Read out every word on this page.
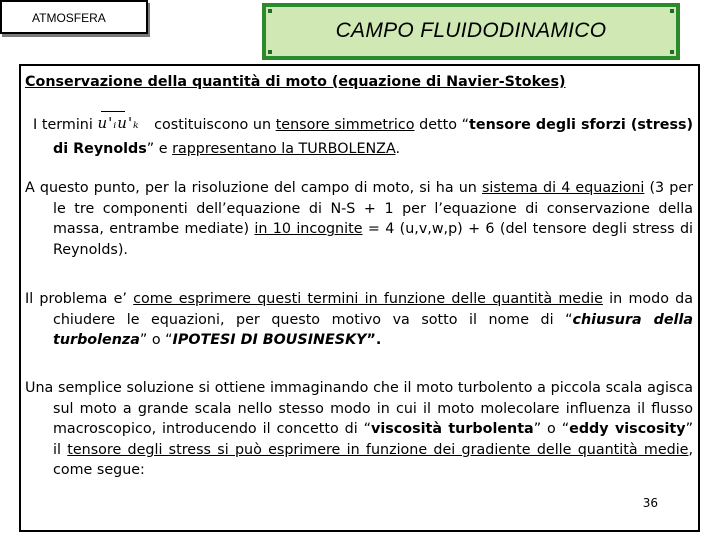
ATMOSFERA
CAMPO FLUIDODINAMICO

Conservazione della quantità di moto (equazione di Navier-Stokes)

I termini u'ᵢu'ₖ costituiscono un tensore simmetrico detto “tensore degli sforzi (stress) di Reynolds” e rappresentano la TURBOLENZA.

A questo punto, per la risoluzione del campo di moto, si ha un sistema di 4 equazioni (3 per le tre componenti dell’equazione di N-S + 1 per l’equazione di conservazione della massa, entrambe mediate) in 10 incognite = 4 (u,v,w,p) + 6 (del tensore degli stress di Reynolds).

Il problema e’ come esprimere questi termini in funzione delle quantità medie in modo da chiudere le equazioni, per questo motivo va sotto il nome di “chiusura della turbolenza” o “IPOTESI DI BOUSINESKY”.

Una semplice soluzione si ottiene immaginando che il moto turbolento a piccola scala agisca sul moto a grande scala nello stesso modo in cui il moto molecolare influenza il flusso macroscopico, introducendo il concetto di “viscosità turbolenta” o “eddy viscosity” il tensore degli stress si può esprimere in funzione dei gradiente delle quantità medie, come segue:

36
